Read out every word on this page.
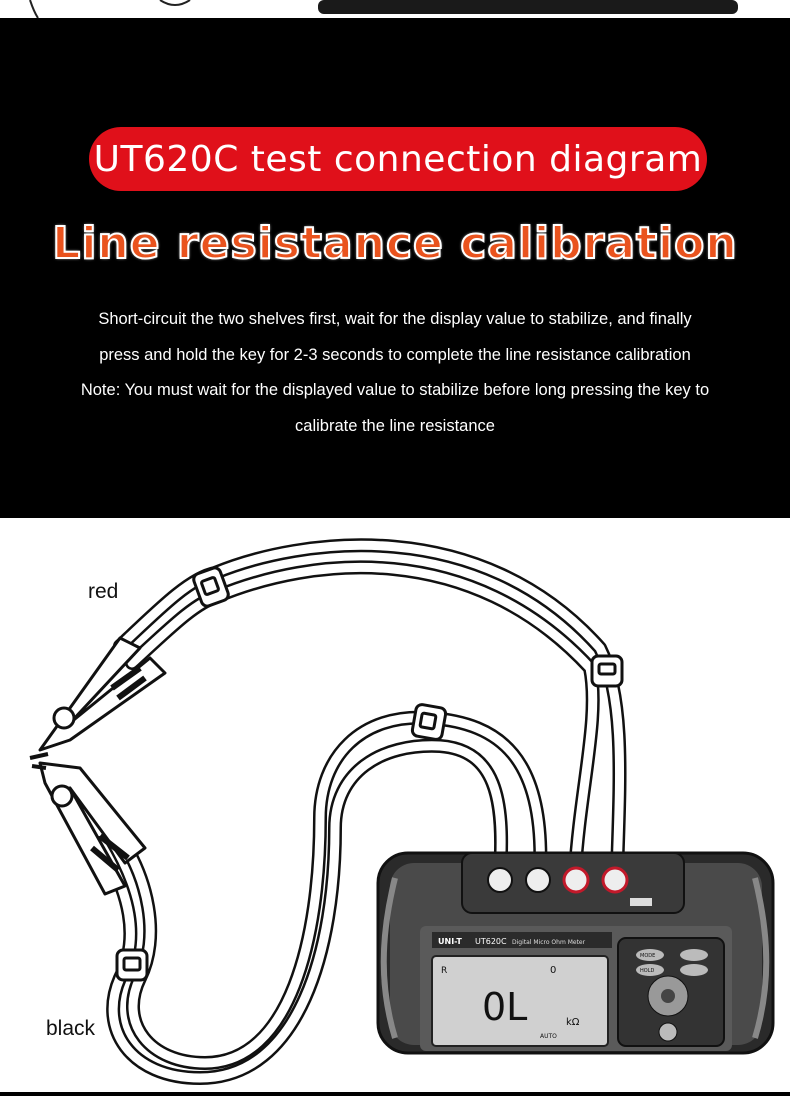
UT620C test connection diagram
Line resistance calibration

Short-circuit the two shelves first, wait for the display value to stabilize, and finally

press and hold the key for 2-3 seconds to complete the line resistance calibration

Note: You must wait for the displayed value to stabilize before long pressing the key to

calibrate the line resistance

UNI-T UT620C Digital Micro Ohm Meter
R	0
0L	kΩ
AUTO
MODE
HOLD
red
black
